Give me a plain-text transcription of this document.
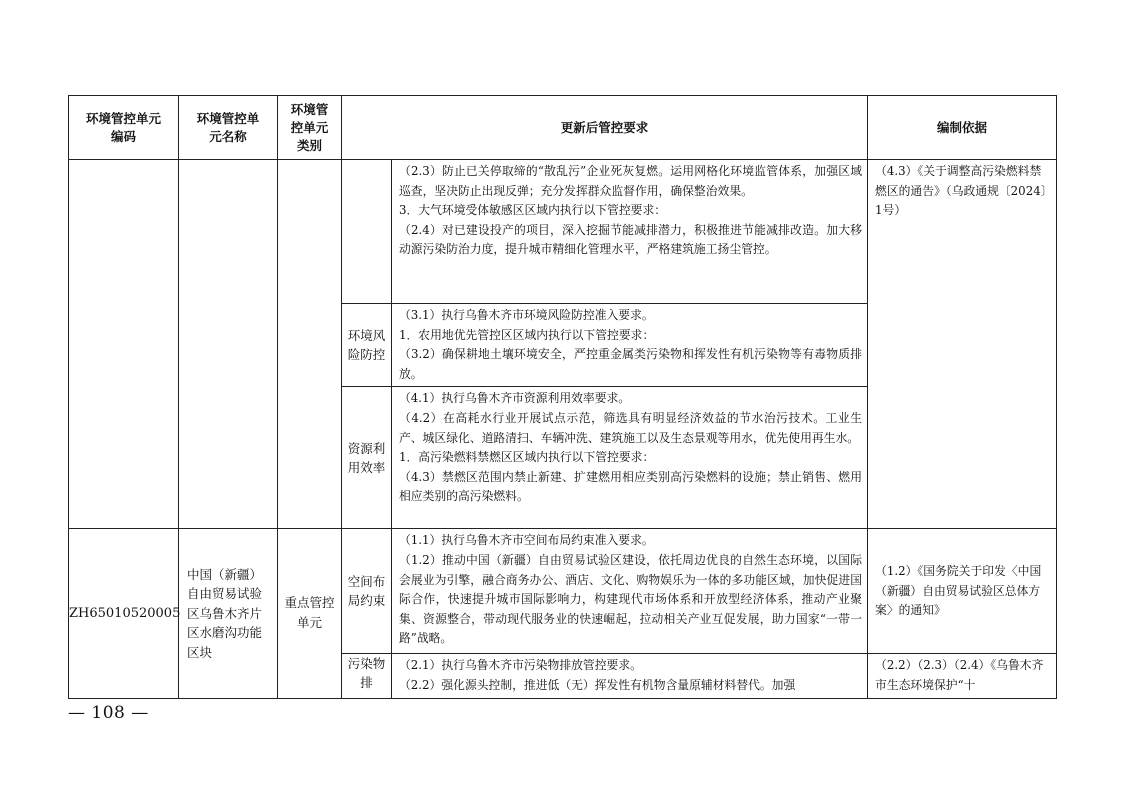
环境管控单元编码	环境管控单元名称	环境管控单元类别	更新后管控要求		编制依据

				（2.3）防止已关停取缔的“散乱污”企业死灰复燃。运用网格化环境监管体系，加强区域巡查，坚决防止出现反弹；充分发挥群众监督作用，确保整治效果。
3．大气环境受体敏感区区域内执行以下管控要求：
（2.4）对已建设投产的项目，深入挖掘节能减排潜力，积极推进节能减排改造。加大移动源污染防治力度，提升城市精细化管理水平，严格建筑施工扬尘管控。	（4.3）《关于调整高污染燃料禁燃区的通告》（乌政通规〔2024〕1号）

			环境风险防控	（3.1）执行乌鲁木齐市环境风险防控准入要求。
1．农用地优先管控区区域内执行以下管控要求：
（3.2）确保耕地土壤环境安全，严控重金属类污染物和挥发性有机污染物等有毒物质排放。	

			资源利用效率	（4.1）执行乌鲁木齐市资源利用效率要求。
（4.2）在高耗水行业开展试点示范，筛选具有明显经济效益的节水治污技术。工业生产、城区绿化、道路清扫、车辆冲洗、建筑施工以及生态景观等用水，优先使用再生水。
1．高污染燃料禁燃区区域内执行以下管控要求：
（4.3）禁燃区范围内禁止新建、扩建燃用相应类别高污染燃料的设施；禁止销售、燃用相应类别的高污染燃料。	

ZH65010520005	中国（新疆）自由贸易试验区乌鲁木齐片区水磨沟功能区块	重点管控单元	空间布局约束	（1.1）执行乌鲁木齐市空间布局约束准入要求。
（1.2）推动中国（新疆）自由贸易试验区建设，依托周边优良的自然生态环境，以国际会展业为引擎，融合商务办公、酒店、文化、购物娱乐为一体的多功能区域，加快促进国际合作，快速提升城市国际影响力，构建现代市场体系和开放型经济体系，推动产业聚集、资源整合，带动现代服务业的快速崛起，拉动相关产业互促发展，助力国家“一带一路”战略。	（1.2）《国务院关于印发〈中国（新疆）自由贸易试验区总体方案〉的通知》

			污染物排	（2.1）执行乌鲁木齐市污染物排放管控要求。
（2.2）强化源头控制，推进低（无）挥发性有机物含量原辅材料替代。加强	（2.2）（2.3）（2.4）《乌鲁木齐市生态环境保护“十
— 108 —
